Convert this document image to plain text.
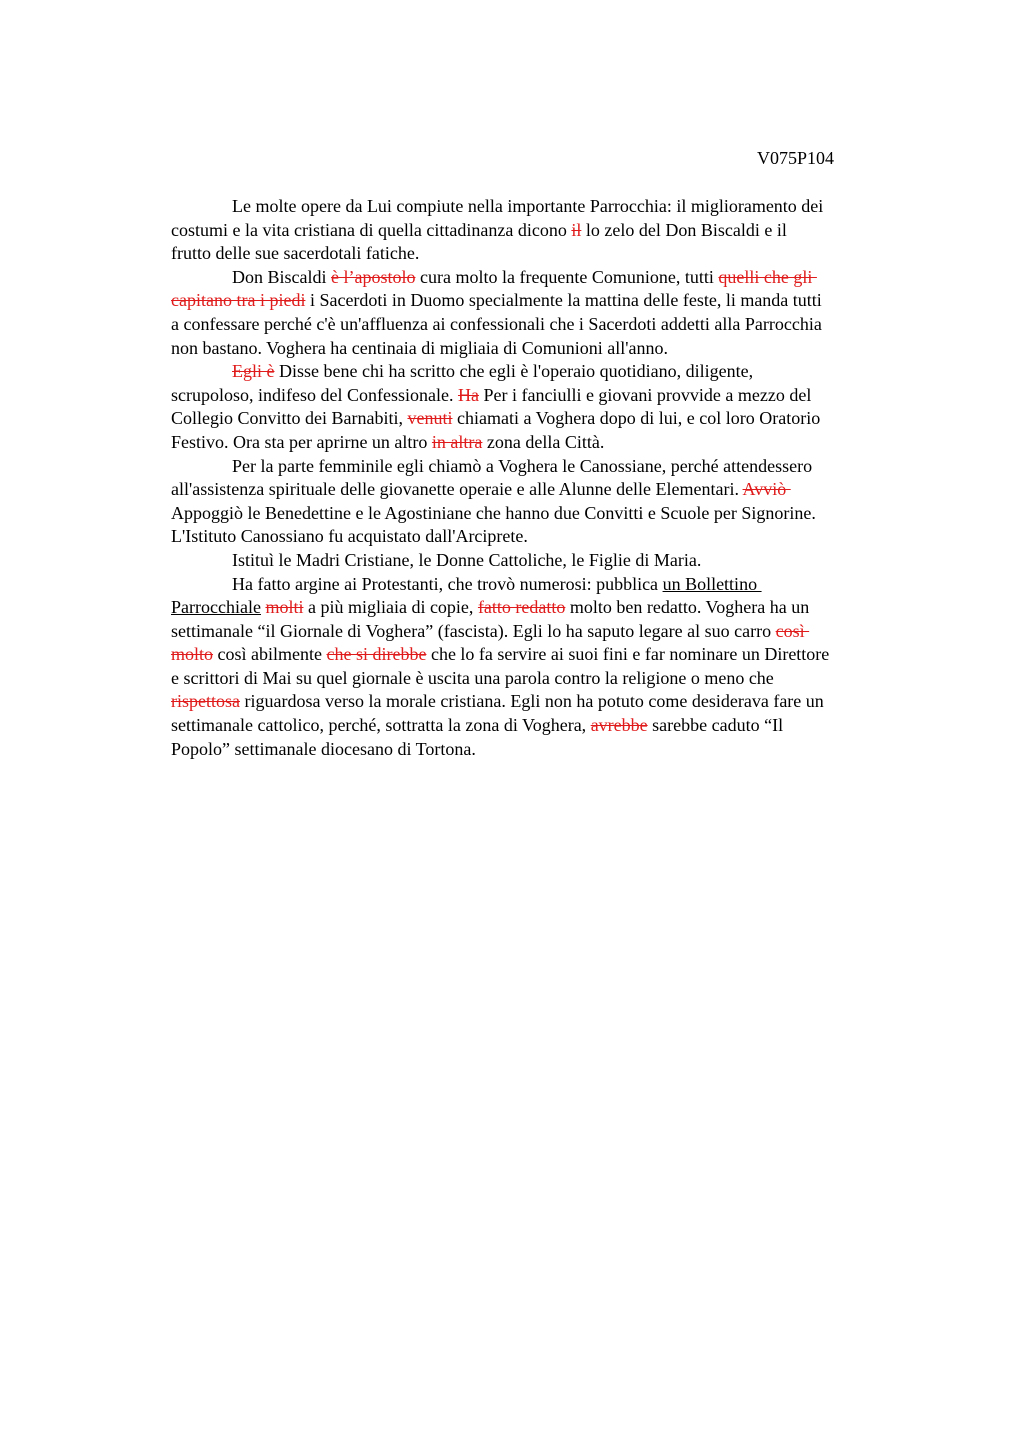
V075P104
Le molte opere da Lui compiute nella importante Parrocchia: il miglioramento dei
costumi e la vita cristiana di quella cittadinanza dicono il lo zelo del Don Biscaldi e il
frutto delle sue sacerdotali fatiche.
Don Biscaldi è l’apostolo cura molto la frequente Comunione, tutti quelli che gli
capitano tra i piedi i Sacerdoti in Duomo specialmente la mattina delle feste, li manda tutti
a confessare perché c'è un'affluenza ai confessionali che i Sacerdoti addetti alla Parrocchia
non bastano. Voghera ha centinaia di migliaia di Comunioni all'anno.
Egli è Disse bene chi ha scritto che egli è l'operaio quotidiano, diligente,
scrupoloso, indifeso del Confessionale. Ha Per i fanciulli e giovani provvide a mezzo del
Collegio Convitto dei Barnabiti, venuti chiamati a Voghera dopo di lui, e col loro Oratorio
Festivo. Ora sta per aprirne un altro in altra zona della Città.
Per la parte femminile egli chiamò a Voghera le Canossiane, perché attendessero
all'assistenza spirituale delle giovanette operaie e alle Alunne delle Elementari. Avviò
Appoggiò le Benedettine e le Agostiniane che hanno due Convitti e Scuole per Signorine.
L'Istituto Canossiano fu acquistato dall'Arciprete.
Istituì le Madri Cristiane, le Donne Cattoliche, le Figlie di Maria.
Ha fatto argine ai Protestanti, che trovò numerosi: pubblica un Bollettino
Parrocchiale molti a più migliaia di copie, fatto redatto molto ben redatto. Voghera ha un
settimanale “il Giornale di Voghera” (fascista). Egli lo ha saputo legare al suo carro così
molto così abilmente che si direbbe che lo fa servire ai suoi fini e far nominare un Direttore
e scrittori di Mai su quel giornale è uscita una parola contro la religione o meno che
rispettosa riguardosa verso la morale cristiana. Egli non ha potuto come desiderava fare un
settimanale cattolico, perché, sottratta la zona di Voghera, avrebbe sarebbe caduto “Il
Popolo” settimanale diocesano di Tortona.
